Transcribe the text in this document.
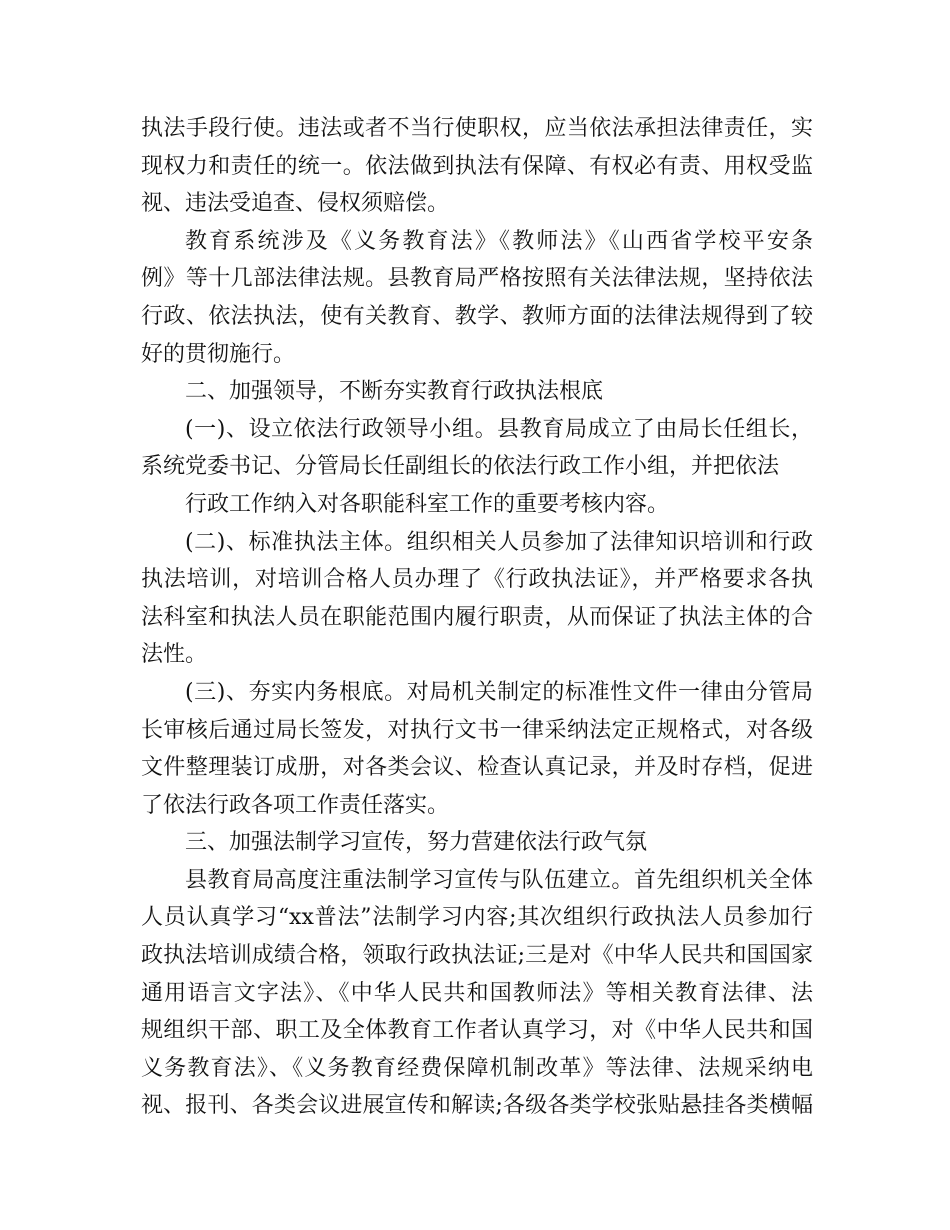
执法手段行使。违法或者不当行使职权，应当依法承担法律责任，实
现权力和责任的统一。依法做到执法有保障、有权必有责、用权受监
视、违法受追查、侵权须赔偿。
教育系统涉及《义务教育法》《教师法》《山西省学校平安条
例》等十几部法律法规。县教育局严格按照有关法律法规，坚持依法
行政、依法执法，使有关教育、教学、教师方面的法律法规得到了较
好的贯彻施行。
二、加强领导，不断夯实教育行政执法根底
(一)、设立依法行政领导小组。县教育局成立了由局长任组长，
系统党委书记、分管局长任副组长的依法行政工作小组，并把依法
行政工作纳入对各职能科室工作的重要考核内容。
(二)、标准执法主体。组织相关人员参加了法律知识培训和行政
执法培训，对培训合格人员办理了《行政执法证》，并严格要求各执
法科室和执法人员在职能范围内履行职责，从而保证了执法主体的合
法性。
(三)、夯实内务根底。对局机关制定的标准性文件一律由分管局
长审核后通过局长签发，对执行文书一律采纳法定正规格式，对各级
文件整理装订成册，对各类会议、检查认真记录，并及时存档，促进
了依法行政各项工作责任落实。
三、加强法制学习宣传，努力营建依法行政气氛
县教育局高度注重法制学习宣传与队伍建立。首先组织机关全体
人员认真学习“xx普法”法制学习内容;其次组织行政执法人员参加行
政执法培训成绩合格，领取行政执法证;三是对《中华人民共和国国家
通用语言文字法》、《中华人民共和国教师法》等相关教育法律、法
规组织干部、职工及全体教育工作者认真学习，对《中华人民共和国
义务教育法》、《义务教育经费保障机制改革》等法律、法规采纳电
视、报刊、各类会议进展宣传和解读;各级各类学校张贴悬挂各类横幅
